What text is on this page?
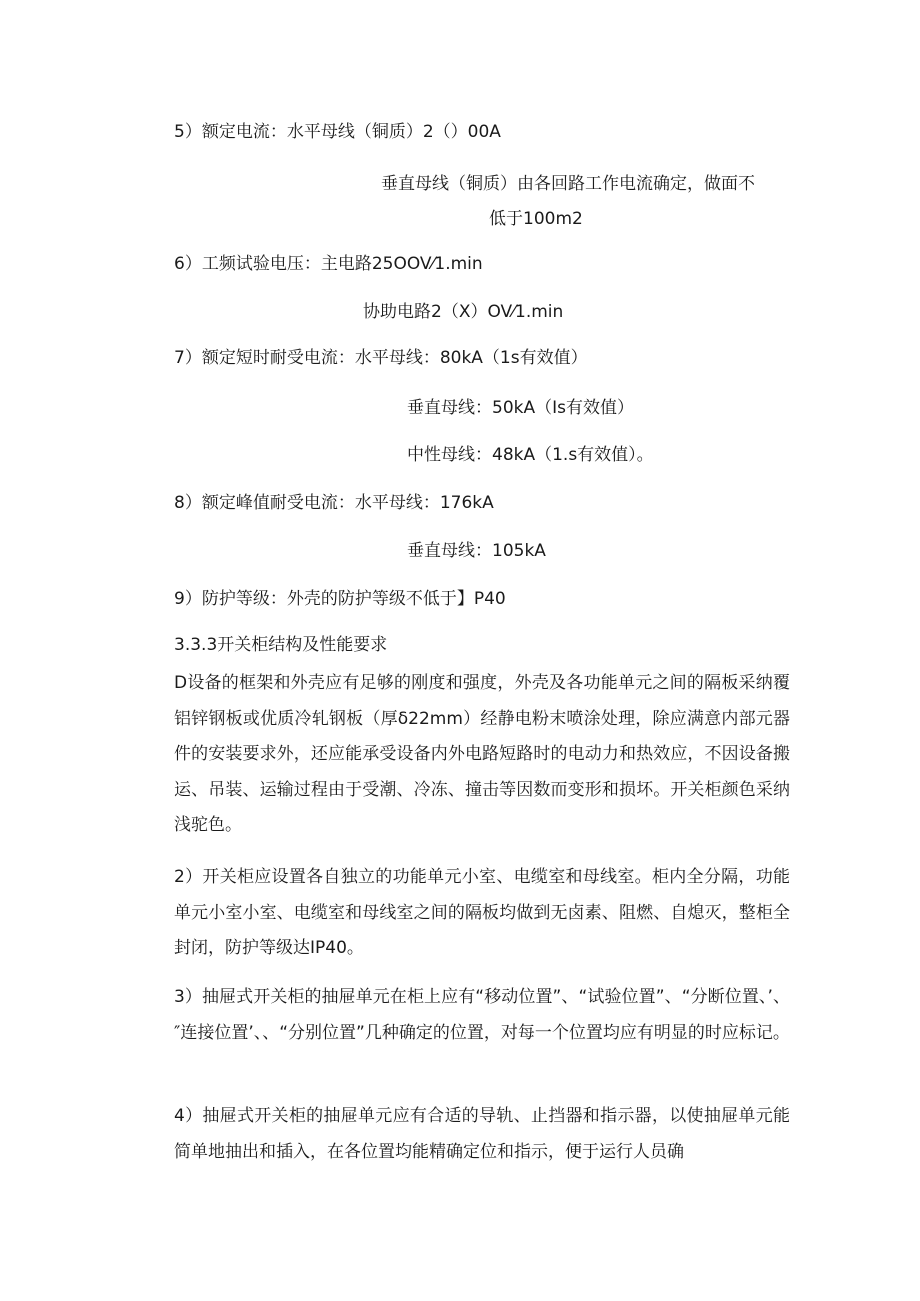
5）额定电流：水平母线（铜质）2（）00A
垂直母线（铜质）由各回路工作电流确定，做面不
低于100m2
6）工频试验电压：主电路25OOV⁄1.min
协助电路2（X）OV⁄1.min
7）额定短时耐受电流：水平母线：80kA（1s有效值）
垂直母线：50kA（Is有效值）
中性母线：48kA（1.s有效值）。
8）额定峰值耐受电流：水平母线：176kA
垂直母线：105kA
9）防护等级：外壳的防护等级不低于】P40
3.3.3开关柜结构及性能要求
D设备的框架和外壳应有足够的刚度和强度，外壳及各功能单元之间的隔板采纳覆铝锌钢板或优质冷轧钢板（厚δ22mm）经静电粉末喷涂处理，除应满意内部元器件的安装要求外，还应能承受设备内外电路短路时的电动力和热效应，不因设备搬运、吊装、运输过程由于受潮、冷冻、撞击等因数而变形和损坏。开关柜颜色采纳浅驼色。
2）开关柜应设置各自独立的功能单元小室、电缆室和母线室。柜内全分隔，功能单元小室小室、电缆室和母线室之间的隔板均做到无卤素、阻燃、自熄灭，整柜全封闭，防护等级达IP40。
3）抽屉式开关柜的抽屉单元在柜上应有“移动位置”、“试验位置”、“分断位置、’、″连接位置’、、“分别位置”几种确定的位置，对每一个位置均应有明显的时应标记。
4）抽屉式开关柜的抽屉单元应有合适的导轨、止挡器和指示器，以使抽屉单元能简单地抽出和插入，在各位置均能精确定位和指示，便于运行人员确
